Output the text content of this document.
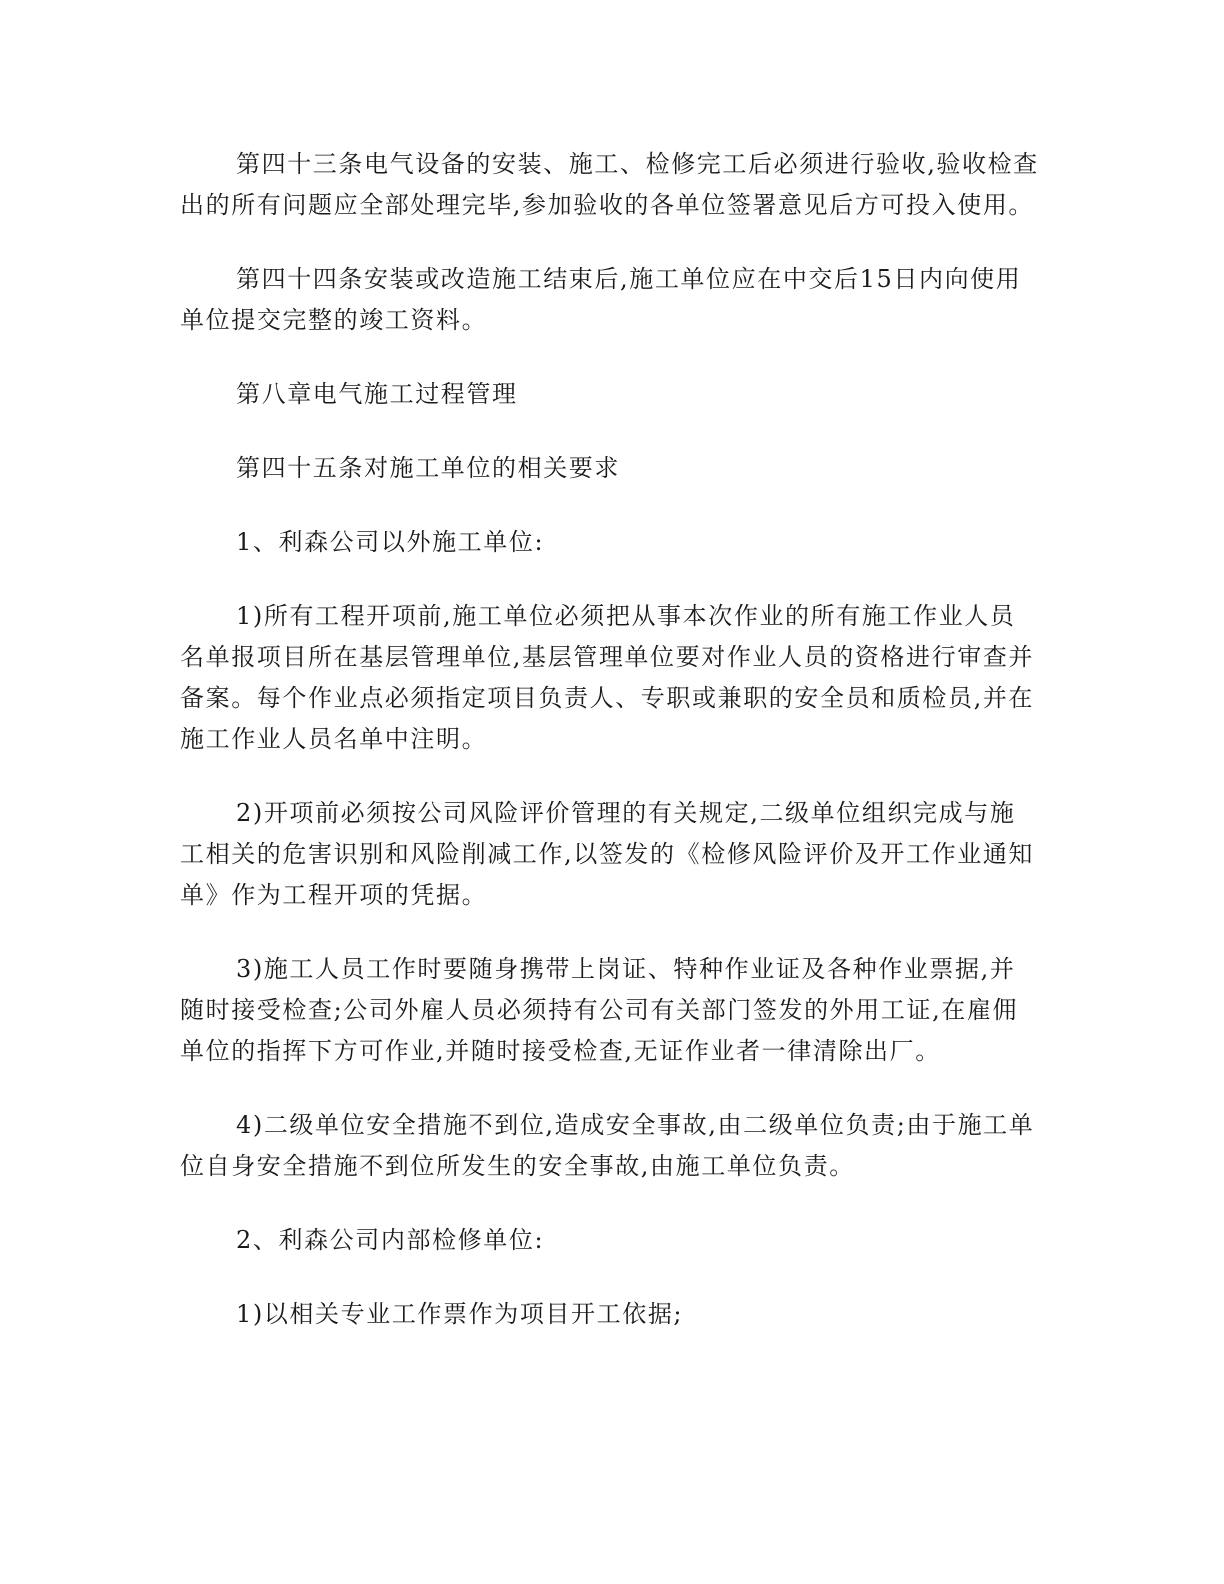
第四十三条电气设备的安装、施工、检修完工后必须进行验收,验收检查出的所有问题应全部处理完毕,参加验收的各单位签署意见后方可投入使用。

第四十四条安装或改造施工结束后,施工单位应在中交后15日内向使用单位提交完整的竣工资料。

第八章电气施工过程管理

第四十五条对施工单位的相关要求

1、利森公司以外施工单位:

1)所有工程开项前,施工单位必须把从事本次作业的所有施工作业人员名单报项目所在基层管理单位,基层管理单位要对作业人员的资格进行审查并备案。每个作业点必须指定项目负责人、专职或兼职的安全员和质检员,并在施工作业人员名单中注明。

2)开项前必须按公司风险评价管理的有关规定,二级单位组织完成与施工相关的危害识别和风险削减工作,以签发的《检修风险评价及开工作业通知单》作为工程开项的凭据。

3)施工人员工作时要随身携带上岗证、特种作业证及各种作业票据,并随时接受检查;公司外雇人员必须持有公司有关部门签发的外用工证,在雇佣单位的指挥下方可作业,并随时接受检查,无证作业者一律清除出厂。

4)二级单位安全措施不到位,造成安全事故,由二级单位负责;由于施工单位自身安全措施不到位所发生的安全事故,由施工单位负责。

2、利森公司内部检修单位:

1)以相关专业工作票作为项目开工依据;
